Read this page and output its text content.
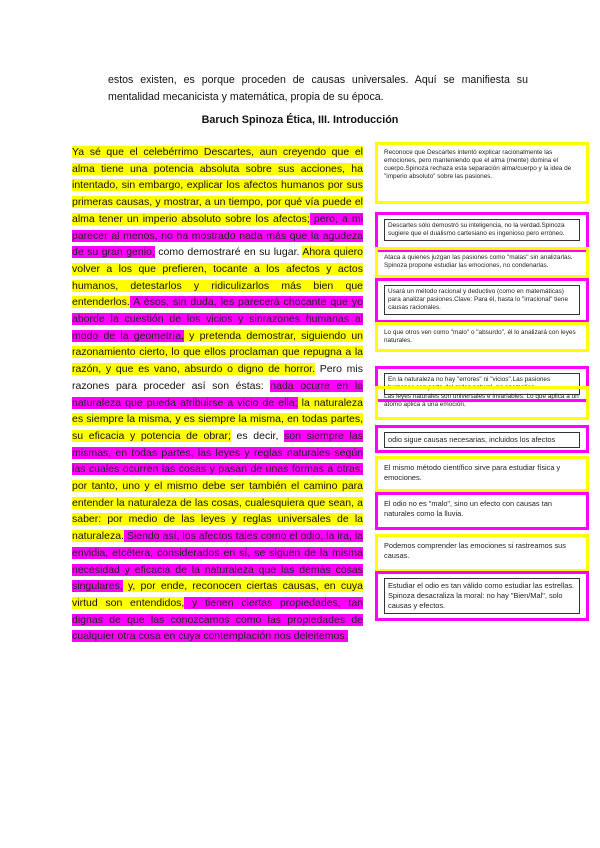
estos existen, es porque proceden de causas universales. Aquí se manifiesta su mentalidad mecanicista y matemática, propia de su época.
Baruch Spinoza Ética, III. Introducción
Ya sé que el celebérrimo Descartes, aun creyendo que el alma tiene una potencia absoluta sobre sus acciones, ha intentado, sin embargo, explicar los afectos humanos por sus primeras causas, y mostrar, a un tiempo, por qué vía puede el alma tener un imperio absoluto sobre los afectos; pero, a mi parecer al menos, no ha mostrado nada más que la agudeza de su gran genio, como demostraré en su lugar. Ahora quiero volver a los que prefieren, tocante a los afectos y actos humanos, detestarlos y ridiculizarlos más bien que entenderlos. A ésos, sin duda, les parecerá chocante que yo aborde la cuestión de los vicios y sinrazones humanas al modo de la geometría, y pretenda demostrar, siguiendo un razonamiento cierto, lo que ellos proclaman que repugna a la razón, y que es vano, absurdo o digno de horror. Pero mis razones para proceder así son éstas: nada ocurre en la naturaleza que pueda atribuirse a vicio de ella; la naturaleza es siempre la misma, y es siempre la misma, en todas partes, su eficacia y potencia de obrar; es decir, son siempre las mismas, en todas partes, las leyes y reglas naturales según las cuales ocurren las cosas y pasan de unas formas a otras; por tanto, uno y el mismo debe ser también el camino para entender la naturaleza de las cosas, cualesquiera que sean, a saber: por medio de las leyes y reglas universales de la naturaleza. Siendo así, los afectos tales como el odio, la ira, la envidia, etcétera, considerados en sí, se siguen de la misma necesidad y eficacia de la naturaleza que las demás cosas singulares, y, por ende, reconocen ciertas causas, en cuya virtud son entendidos, y tienen ciertas propiedades, tan dignas de que las conozcamos como las propiedades de cualquier otra cosa en cuya contemplación nos deleitemos.
Reconoce que Descartes intentó explicar racionalmente las emociones, pero manteniendo que el alma (mente) domina el cuerpo.Spinoza rechaza esta separación alma/cuerpo y la idea de "imperio absoluto" sobre las pasiones.
Descartes sólo demostró su inteligencia, no la verdad.Spinoza sugiere que el dualismo cartesiano es ingenioso pero erróneo.
Ataca a quienes juzgan las pasiones como "malas" sin analizarlas. Spinoza propone estudiar las emociones, no condenarlas.
Usará un método racional y deductivo (como en matemáticas) para analizar pasiones.Clave: Para él, hasta lo "irracional" tiene causas racionales.
Lo que otros ven como "malo" o "absurdo", él lo analizará con leyes naturales.
En la naturaleza no hay "errores" ni "vicios".Las pasiones humanas son parte del orden natural, no anomalías.
Las leyes naturales son universales e invariables. Lo que aplica a un átomo aplica a una emoción.
odio sigue causas necesarias, incluidos los afectos
El mismo método científico sirve para estudiar física y emociones.
El odio no es "malo", sino un efecto con causas tan naturales como la lluvia.
Podemos comprender las emociones si rastreamos sus causas.
Estudiar el odio es tan válido como estudiar las estrellas. Spinoza desacraliza la moral: no hay "Bien/Mal", solo causas y efectos.
